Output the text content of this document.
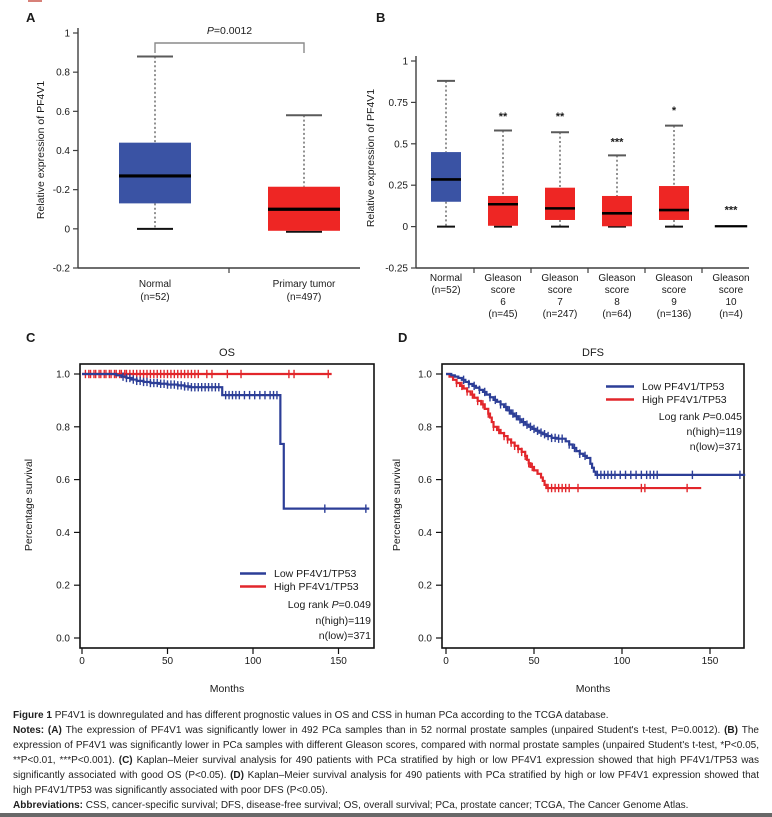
A
Relative expression of PF4V1
1
0.8
0.6
0.4
-0.2
0
-0.2
Normal
(n=52)
Primary tumor
(n=497)
P=0.0012
B
Relative expression of PF4V1
1
0.75
0.5
0.25
0
-0.25
Normal
(n=52)
Gleason
score
6
(n=45)
Gleason
score
7
(n=247)
Gleason
score
8
(n=64)
Gleason
score
9
(n=136)
Gleason
score
10
(n=4)
**	**
***
*
***
C
OS
Percentage survival
1.0
0.8
0.6
0.4
0.2
0.0
0	50	100	150
Months
Low PF4V1/TP53
High PF4V1/TP53
Log rank P=0.049
n(high)=119
n(low)=371
D
DFS
Percentage survival
1.0
0.8
0.6
0.4
0.2
0.0
0	50	100	150
Months
Low PF4V1/TP53
High PF4V1/TP53
Log rank P=0.045
n(high)=119
n(low)=371

Figure 1 PF4V1 is downregulated and has different prognostic values in OS and CSS in human PCa according to the TCGA database.

Notes: (A) The expression of PF4V1 was significantly lower in 492 PCa samples than in 52 normal prostate samples (unpaired Student's t-test, P=0.0012). (B) The expression of PF4V1 was significantly lower in PCa samples with different Gleason scores, compared with normal prostate samples (unpaired Student's t-test, *P<0.05, **P<0.01, ***P<0.001). (C) Kaplan–Meier survival analysis for 490 patients with PCa stratified by high or low PF4V1 expression showed that high PF4V1/TP53 was significantly associated with good OS (P<0.05). (D) Kaplan–Meier survival analysis for 490 patients with PCa stratified by high or low PF4V1 expression showed that high PF4V1/TP53 was significantly associated with poor DFS (P<0.05).

Abbreviations: CSS, cancer-specific survival; DFS, disease-free survival; OS, overall survival; PCa, prostate cancer; TCGA, The Cancer Genome Atlas.
